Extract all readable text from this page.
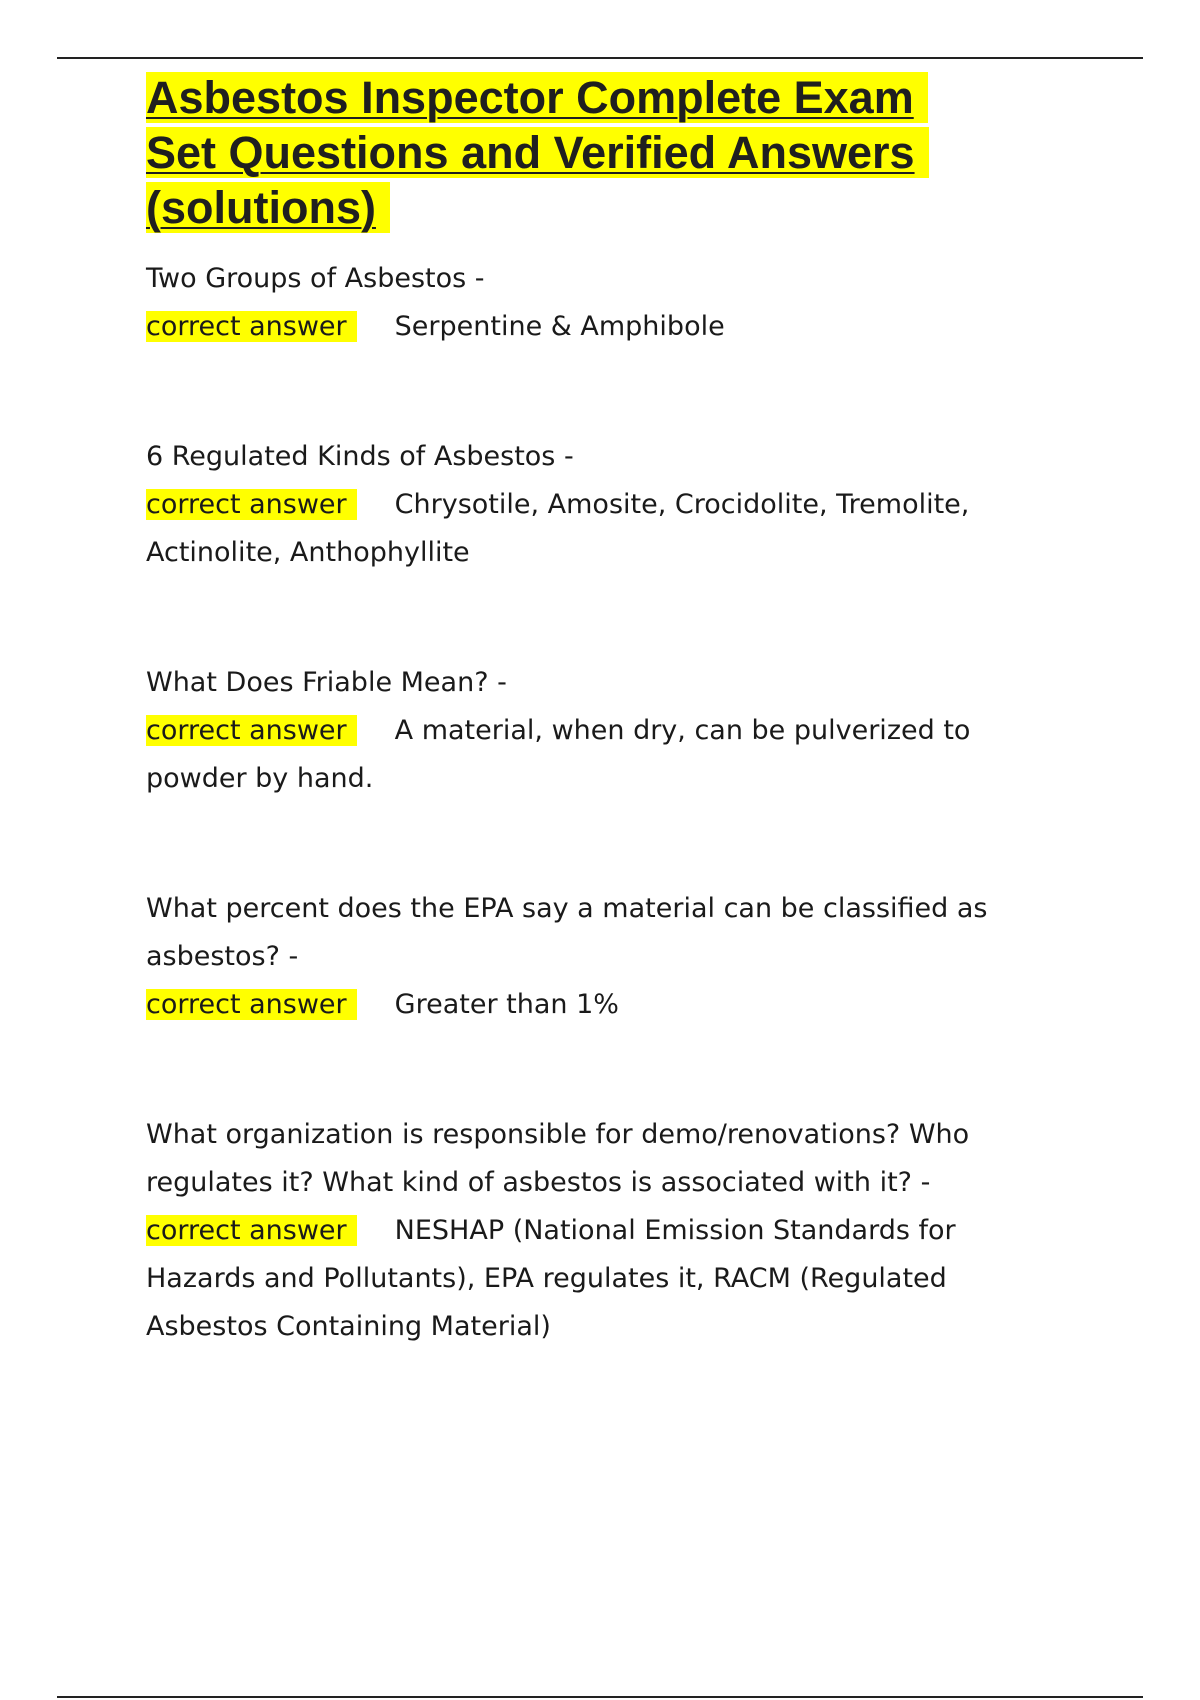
Asbestos Inspector Complete Exam
Set Questions and Verified Answers
(solutions)
Two Groups of Asbestos -
correct answer Serpentine & Amphibole
6 Regulated Kinds of Asbestos -
correct answer Chrysotile, Amosite, Crocidolite, Tremolite, Actinolite, Anthophyllite
What Does Friable Mean? -
correct answer A material, when dry, can be pulverized to powder by hand.
What percent does the EPA say a material can be classified as asbestos? -
correct answer Greater than 1%
What organization is responsible for demo/renovations? Who regulates it? What kind of asbestos is associated with it? -
correct answer NESHAP (National Emission Standards for Hazards and Pollutants), EPA regulates it, RACM (Regulated Asbestos Containing Material)
